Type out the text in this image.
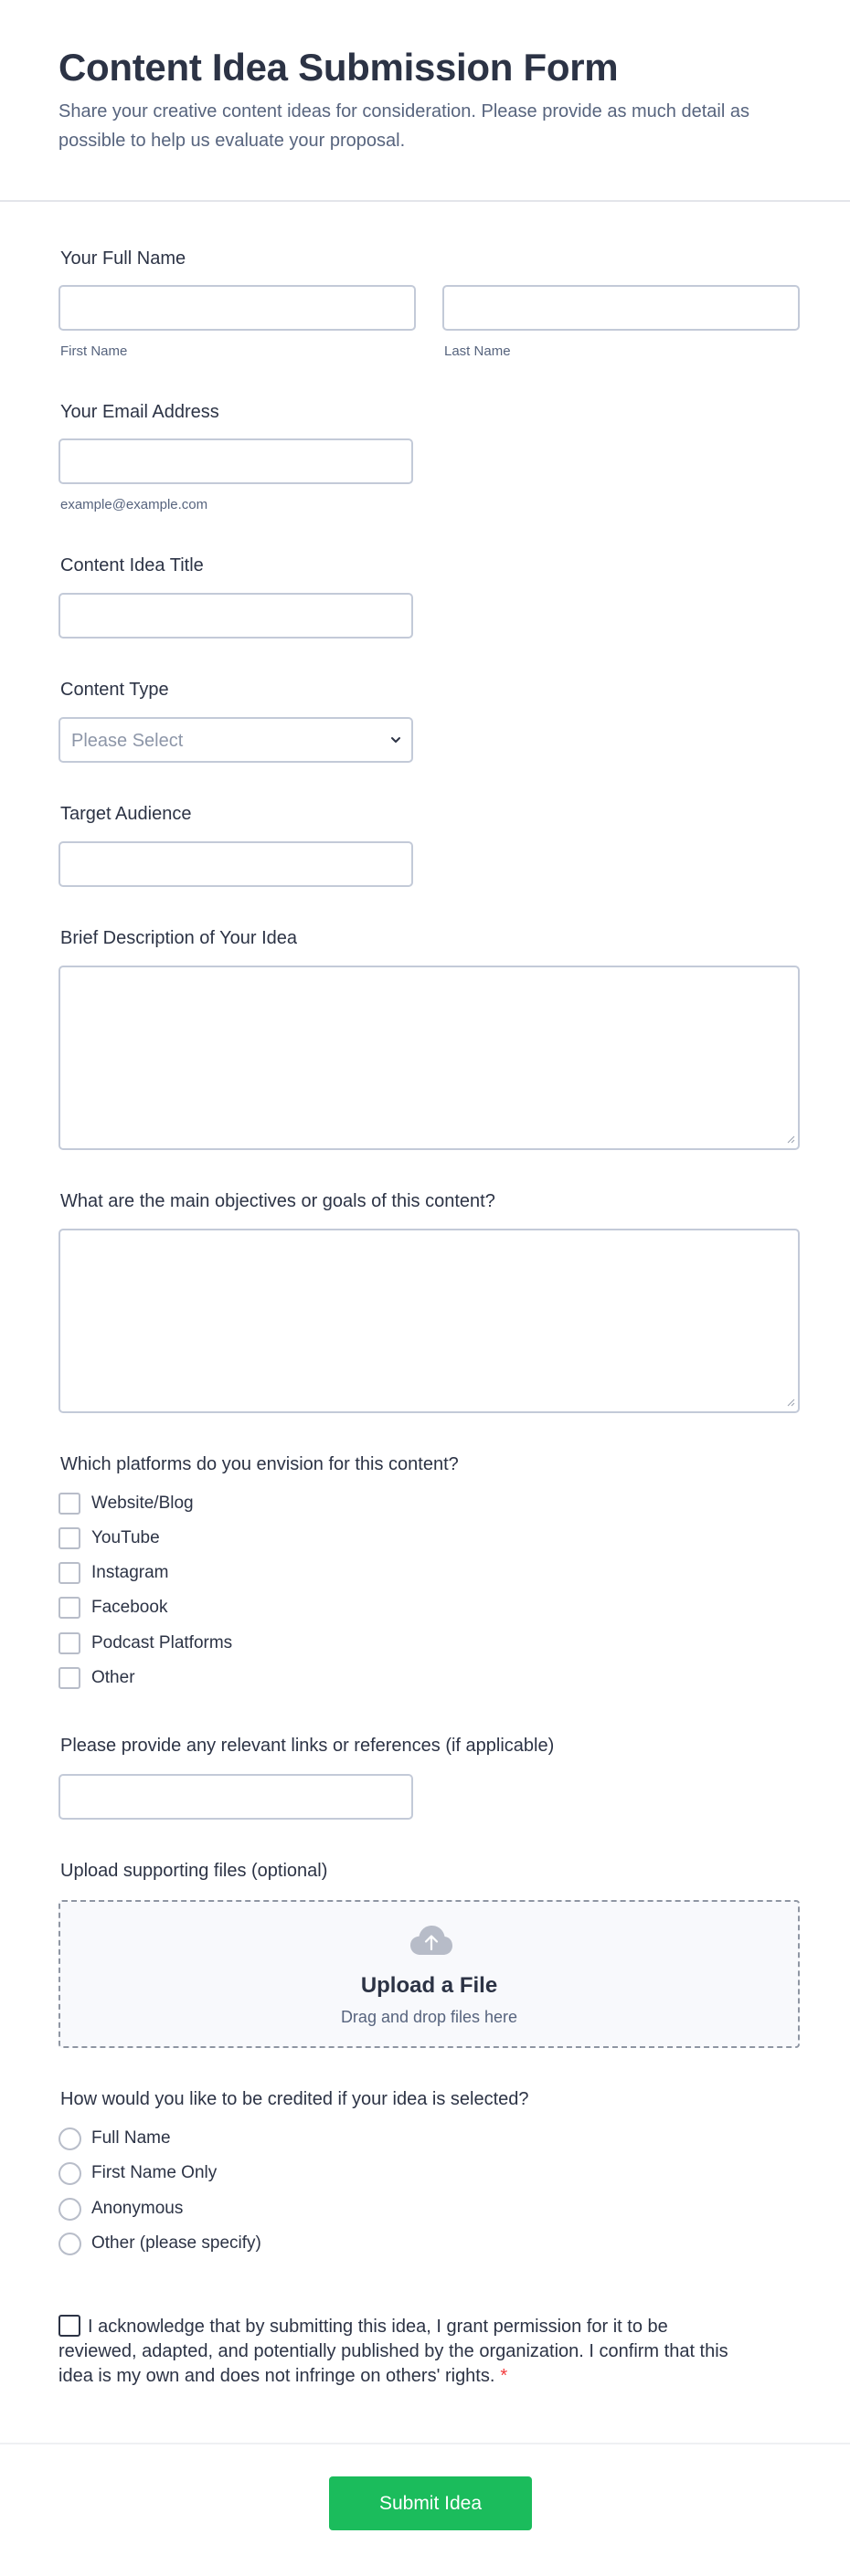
Content Idea Submission Form

Share your creative content ideas for consideration. Please provide as much detail as possible to help us evaluate your proposal.

Your Full Name
First Name	Last Name
Your Email Address
example@example.com
Content Idea Title
Content Type
Please Select
Target Audience
Brief Description of Your Idea
What are the main objectives or goals of this content?
Which platforms do you envision for this content?
Website/Blog
YouTube
Instagram
Facebook
Podcast Platforms
Other
Please provide any relevant links or references (if applicable)
Upload supporting files (optional)
Upload a File
Drag and drop files here
How would you like to be credited if your idea is selected?
Full Name
First Name Only
Anonymous
Other (please specify)
I acknowledge that by submitting this idea, I grant permission for it to be reviewed, adapted, and potentially published by the organization. I confirm that this idea is my own and does not infringe on others' rights. *
Submit Idea
